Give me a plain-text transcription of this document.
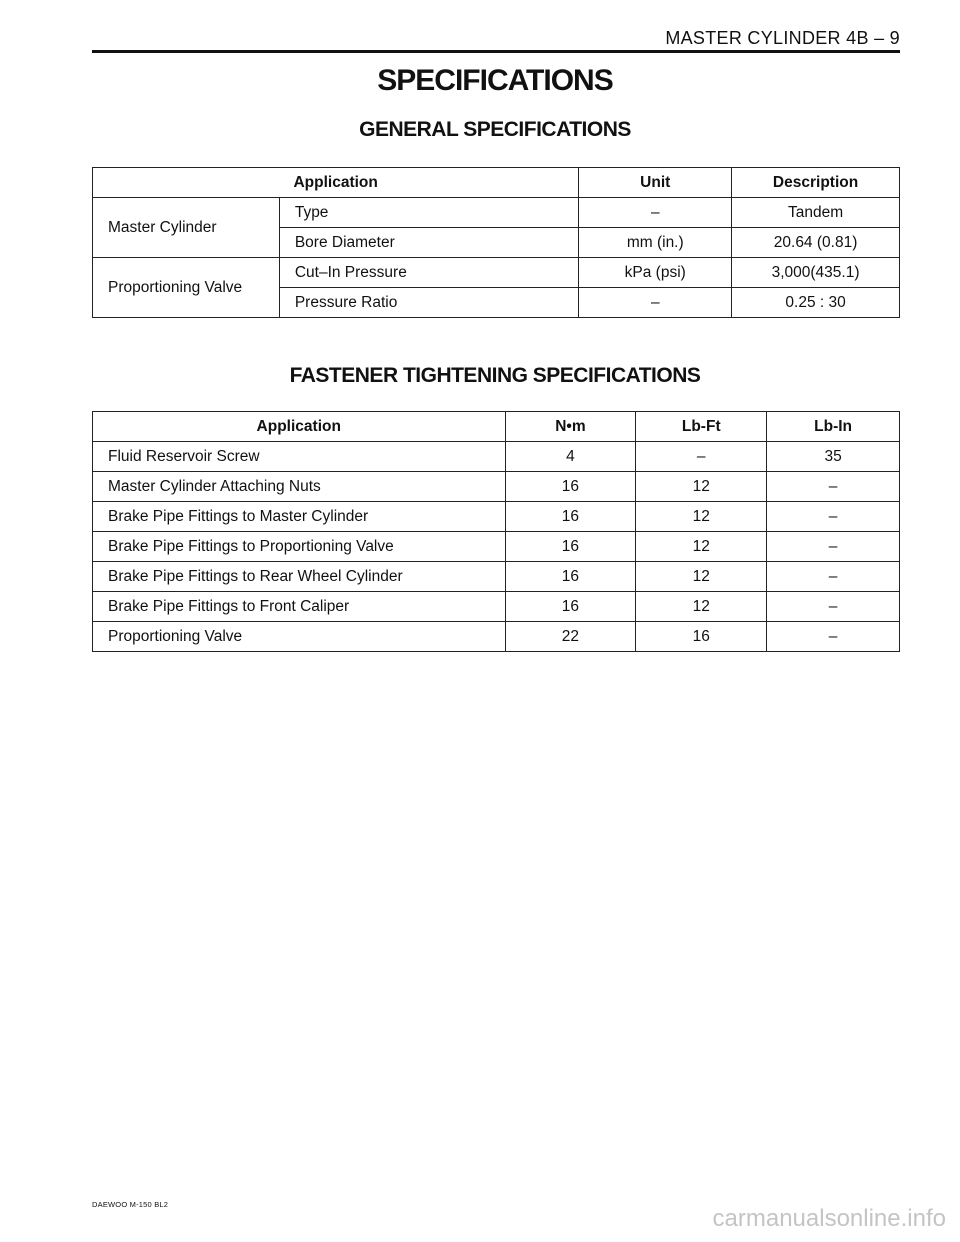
MASTER CYLINDER 4B – 9
SPECIFICATIONS
GENERAL SPECIFICATIONS
Application		Unit	Description
Master Cylinder	Type	–	Tandem
	Bore Diameter	mm (in.)	20.64 (0.81)
Proportioning Valve	Cut–In Pressure	kPa (psi)	3,000(435.1)
	Pressure Ratio	–	0.25 : 30
FASTENER TIGHTENING SPECIFICATIONS
Application	N•m	Lb-Ft	Lb-In
Fluid Reservoir Screw	4	–	35
Master Cylinder Attaching Nuts	16	12	–
Brake Pipe Fittings to Master Cylinder	16	12	–
Brake Pipe Fittings to Proportioning Valve	16	12	–
Brake Pipe Fittings to Rear Wheel Cylinder	16	12	–
Brake Pipe Fittings to Front Caliper	16	12	–
Proportioning Valve	22	16	–
DAEWOO M-150 BL2
carmanualsonline.info
